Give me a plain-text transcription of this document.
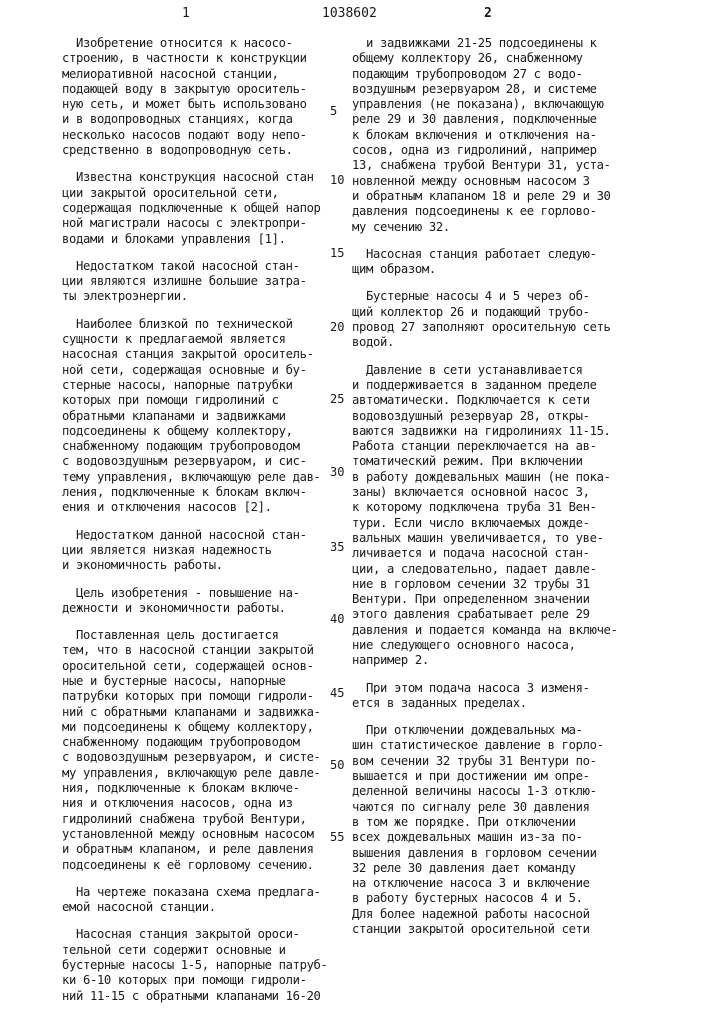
1	1038602	2
Изобретение относится к насосо-
строению, в частности к конструкции
мелиоративной насосной станции,
подающей воду в закрытую ороситель-
ную сеть, и может быть использовано
и в водопроводных станциях, когда
несколько насосов подают воду непо-
средственно в водопроводную сеть.
Известна конструкция насосной стан
ции закрытой оросительной сети,
содержащая подключенные к общей напор
ной магистрали насосы с электропри-
водами и блоками управления [1].
Недостатком такой насосной стан-
ции являются излишне большие затра-
ты электроэнергии.
Наиболее близкой по технической
сущности к предлагаемой является
насосная станция закрытой ороситель-
ной сети, содержащая основные и бу-
стерные насосы, напорные патрубки
которых при помощи гидролиний с
обратными клапанами и задвижками
подсоединены к общему коллектору,
снабженному подающим трубопроводом
с водовоздушным резервуаром, и сис-
тему управления, включающую реле дав-
ления, подключенные к блокам включ-
ения и отключения насосов [2].
Недостатком данной насосной стан-
ции является низкая надежность
и экономичность работы.
Цель изобретения - повышение на-
дежности и экономичности работы.
Поставленная цель достигается
тем, что в насосной станции закрытой
оросительной сети, содержащей основ-
ные и бустерные насосы, напорные
патрубки которых при помощи гидроли-
ний с обратными клапанами и задвижка-
ми подсоединены к общему коллектору,
снабженному подающим трубопроводом
с водовоздушным резервуаром, и систе-
му управления, включающую реле давле-
ния, подключенные к блокам включе-
ния и отключения насосов, одна из
гидролиний снабжена трубой Вентури,
установленной между основным насосом
и обратным клапаном, и реле давления
подсоединены к её горловому сечению.
На чертеже показана схема предлага-
емой насосной станции.
Насосная станция закрытой ороси-
тельной сети содержит основные и
бустерные насосы 1-5, напорные патруб-
ки 6-10 которых при помощи гидроли-
ний 11-15 с обратными клапанами 16-20
и задвижками 21-25 подсоединены к
общему коллектору 26, снабженному
подающим трубопроводом 27 с водо-
воздушным резервуаром 28, и системе
управления (не показана), включающую
реле 29 и 30 давления, подключенные
к блокам включения и отключения на-
сосов, одна из гидролиний, например
13, снабжена трубой Вентури 31, уста-
новленной между основным насосом 3
и обратным клапаном 18 и реле 29 и 30
давления подсоединены к ее горлово-
му сечению 32.
Насосная станция работает следую-
щим образом.
Бустерные насосы 4 и 5 через об-
щий коллектор 26 и подающий трубо-
провод 27 заполняют оросительную сеть
водой.
Давление в сети устанавливается
и поддерживается в заданном пределе
автоматически. Подключается к сети
водовоздушный резервуар 28, откры-
ваются задвижки на гидролиниях 11-15.
Работа станции переключается на ав-
томатический режим. При включении
в работу дождевальных машин (не пока-
заны) включается основной насос 3,
к которому подключена труба 31 Вен-
тури. Если число включаемых дожде-
вальных машин увеличивается, то уве-
личивается и подача насосной стан-
ции, а следовательно, падает давле-
ние в горловом сечении 32 трубы 31
Вентури. При определенном значении
этого давления срабатывает реле 29
давления и подается команда на включе-
ние следующего основного насоса,
например 2.
При этом подача насоса 3 изменя-
ется в заданных пределах.
При отключении дождевальных ма-
шин статистическое давление в горло-
вом сечении 32 трубы 31 Вентури по-
вышается и при достижении им опре-
деленной величины насосы 1-3 отклю-
чаются по сигналу реле 30 давления
в том же порядке. При отключении
всех дождевальных машин из-за по-
вышения давления в горловом сечении
32 реле 30 давления дает команду
на отключение насоса 3 и включение
в работу бустерных насосов 4 и 5.
Для более надежной работы насосной
станции закрытой оросительной сети
5
10
15
20
25
30
35
40
45
50
55
